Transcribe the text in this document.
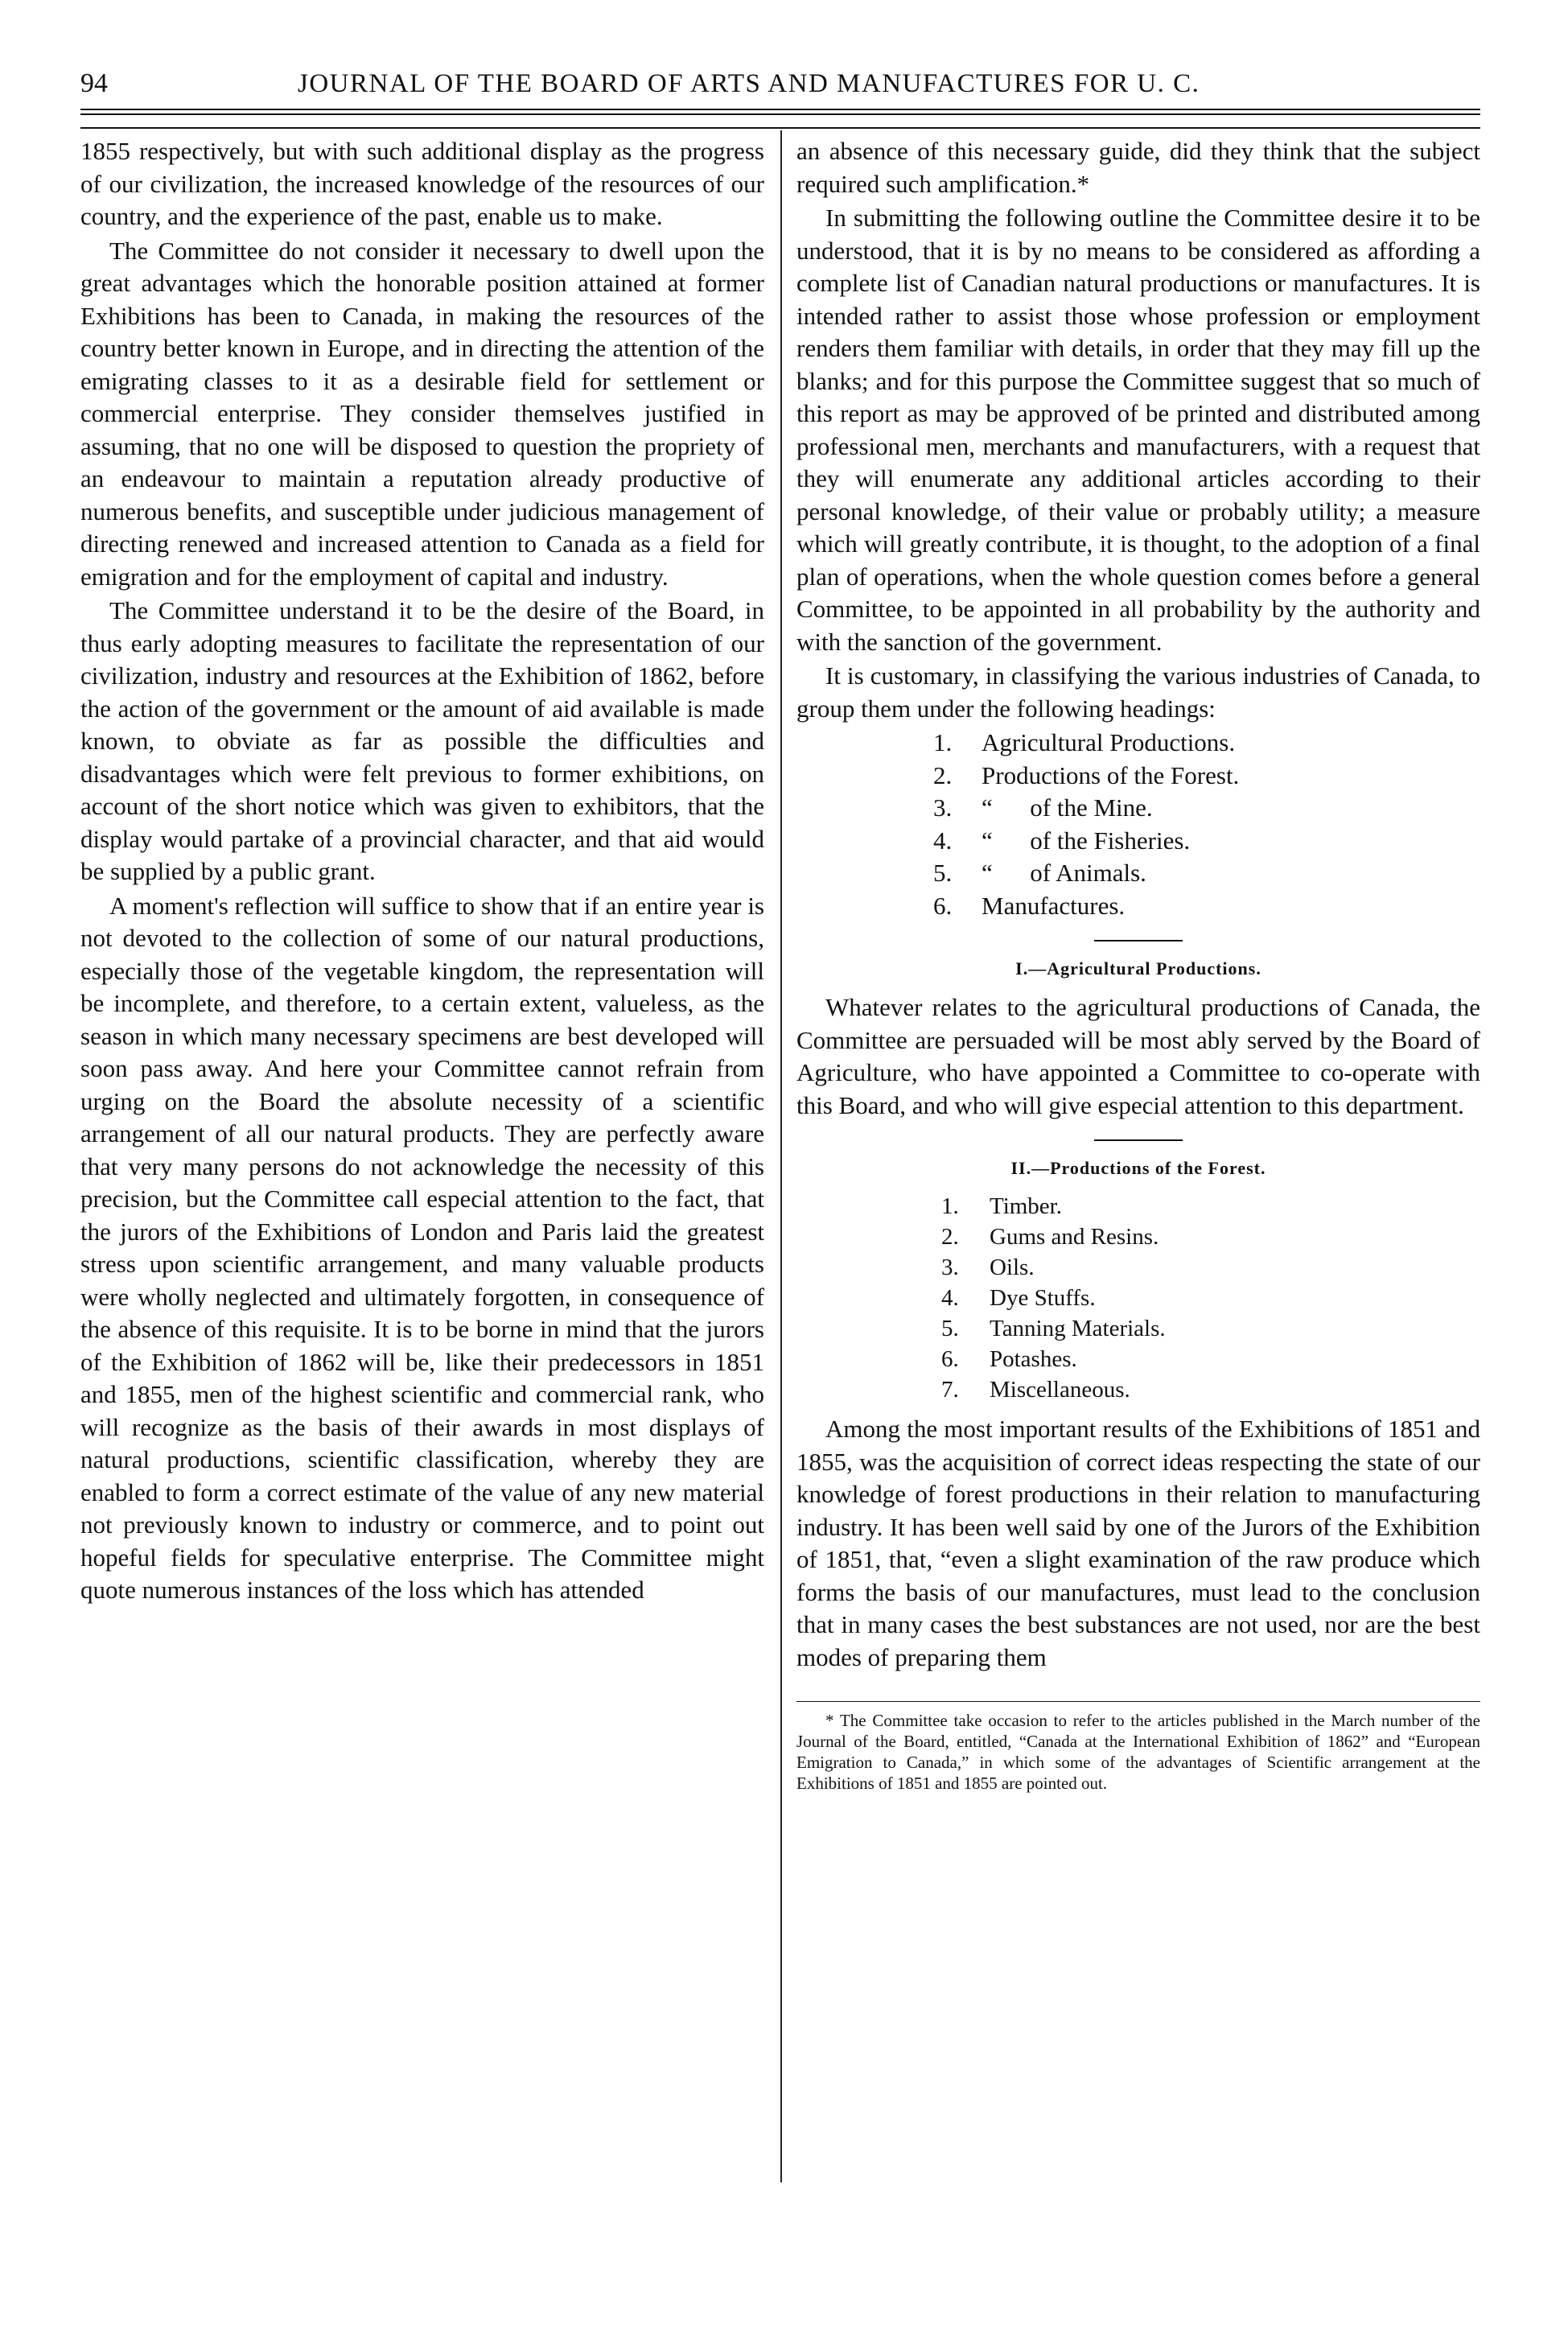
94	JOURNAL OF THE BOARD OF ARTS AND MANUFACTURES FOR U. C.

1855 respectively, but with such additional display as the progress of our civilization, the increased knowledge of the resources of our country, and the experience of the past, enable us to make.

The Committee do not consider it necessary to dwell upon the great advantages which the honorable position attained at former Exhibitions has been to Canada, in making the resources of the country better known in Europe, and in directing the attention of the emigrating classes to it as a desirable field for settlement or commercial enterprise. They consider themselves justified in assuming, that no one will be disposed to question the propriety of an endeavour to maintain a reputation already productive of numerous benefits, and susceptible under judicious management of directing renewed and increased attention to Canada as a field for emigration and for the employment of capital and industry.

The Committee understand it to be the desire of the Board, in thus early adopting measures to facilitate the representation of our civilization, industry and resources at the Exhibition of 1862, before the action of the government or the amount of aid available is made known, to obviate as far as possible the difficulties and disadvantages which were felt previous to former exhibitions, on account of the short notice which was given to exhibitors, that the display would partake of a provincial character, and that aid would be supplied by a public grant.

A moment's reflection will suffice to show that if an entire year is not devoted to the collection of some of our natural productions, especially those of the vegetable kingdom, the representation will be incomplete, and therefore, to a certain extent, valueless, as the season in which many necessary specimens are best developed will soon pass away. And here your Committee cannot refrain from urging on the Board the absolute necessity of a scientific arrangement of all our natural products. They are perfectly aware that very many persons do not acknowledge the necessity of this precision, but the Committee call especial attention to the fact, that the jurors of the Exhibitions of London and Paris laid the greatest stress upon scientific arrangement, and many valuable products were wholly neglected and ultimately forgotten, in consequence of the absence of this requisite. It is to be borne in mind that the jurors of the Exhibition of 1862 will be, like their predecessors in 1851 and 1855, men of the highest scientific and commercial rank, who will recognize as the basis of their awards in most displays of natural productions, scientific classification, whereby they are enabled to form a correct estimate of the value of any new material not previously known to industry or commerce, and to point out hopeful fields for speculative enterprise. The Committee might quote numerous instances of the loss which has attended

an absence of this necessary guide, did they think that the subject required such amplification.*

In submitting the following outline the Committee desire it to be understood, that it is by no means to be considered as affording a complete list of Canadian natural productions or manufactures. It is intended rather to assist those whose profession or employment renders them familiar with details, in order that they may fill up the blanks; and for this purpose the Committee suggest that so much of this report as may be approved of be printed and distributed among professional men, merchants and manufacturers, with a request that they will enumerate any additional articles according to their personal knowledge, of their value or probably utility; a measure which will greatly contribute, it is thought, to the adoption of a final plan of operations, when the whole question comes before a general Committee, to be appointed in all probability by the authority and with the sanction of the government.

It is customary, in classifying the various industries of Canada, to group them under the following headings:

1.	Agricultural Productions.
2.	Productions of the Forest.
3.	“      of the Mine.
4.	“      of the Fisheries.
5.	“      of Animals.
6.	Manufactures.
I.—Agricultural Productions.

Whatever relates to the agricultural productions of Canada, the Committee are persuaded will be most ably served by the Board of Agriculture, who have appointed a Committee to co-operate with this Board, and who will give especial attention to this department.

II.—Productions of the Forest.
1.	Timber.
2.	Gums and Resins.
3.	Oils.
4.	Dye Stuffs.
5.	Tanning Materials.
6.	Potashes.
7.	Miscellaneous.

Among the most important results of the Exhibitions of 1851 and 1855, was the acquisition of correct ideas respecting the state of our knowledge of forest productions in their relation to manufacturing industry. It has been well said by one of the Jurors of the Exhibition of 1851, that, “even a slight examination of the raw produce which forms the basis of our manufactures, must lead to the conclusion that in many cases the best substances are not used, nor are the best modes of preparing them

* The Committee take occasion to refer to the articles published in the March number of the Journal of the Board, entitled, “Canada at the International Exhibition of 1862” and “European Emigration to Canada,” in which some of the advantages of Scientific arrangement at the Exhibitions of 1851 and 1855 are pointed out.
